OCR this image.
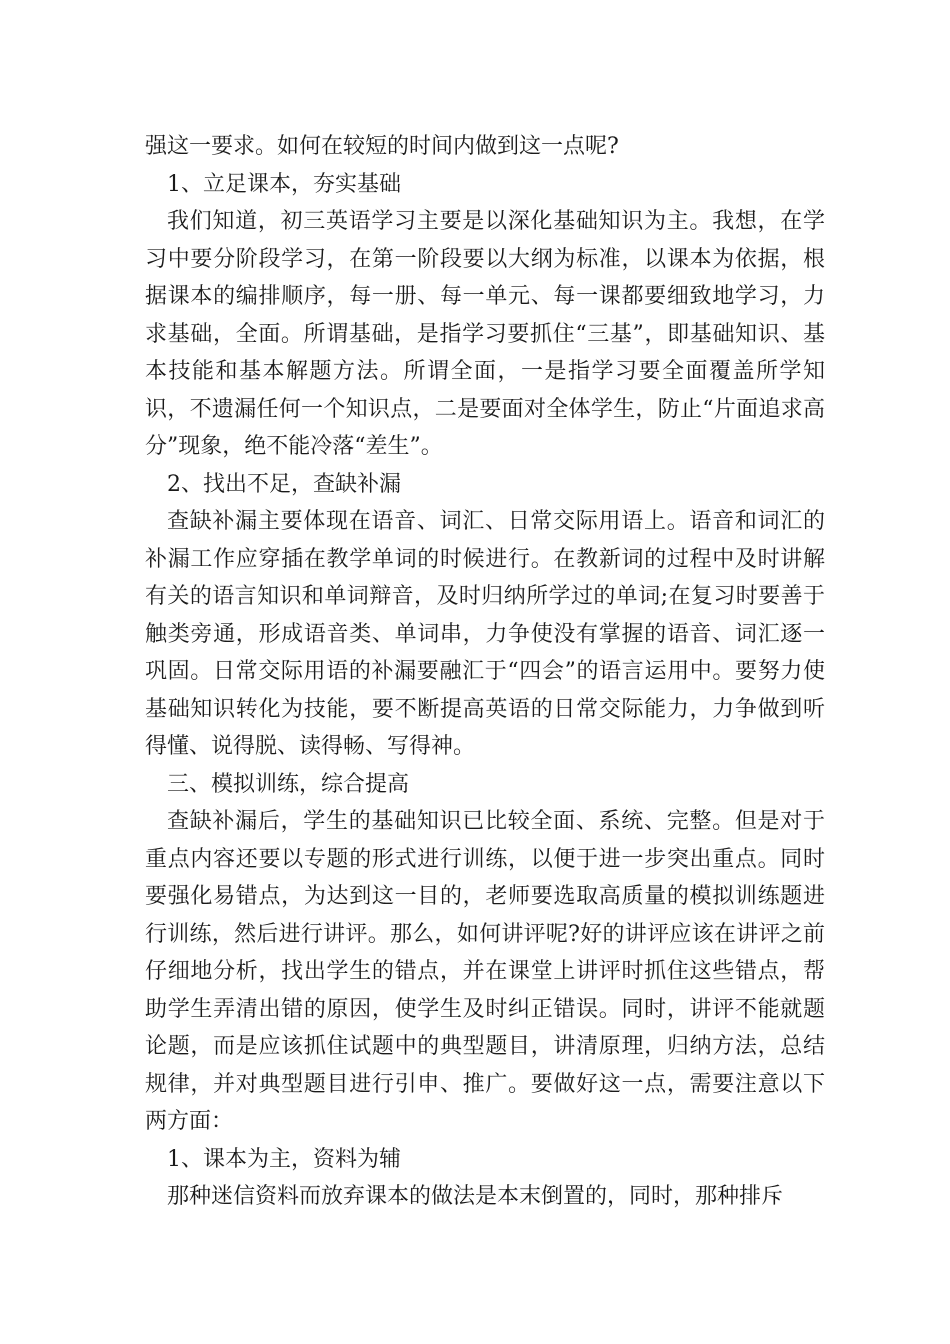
强这一要求。如何在较短的时间内做到这一点呢?

1、立足课本，夯实基础

我们知道，初三英语学习主要是以深化基础知识为主。我想，在学习中要分阶段学习，在第一阶段要以大纲为标准，以课本为依据，根据课本的编排顺序，每一册、每一单元、每一课都要细致地学习，力求基础，全面。所谓基础，是指学习要抓住“三基”，即基础知识、基本技能和基本解题方法。所谓全面，一是指学习要全面覆盖所学知识，不遗漏任何一个知识点，二是要面对全体学生，防止“片面追求高分”现象，绝不能冷落“差生”。

2、找出不足，查缺补漏

查缺补漏主要体现在语音、词汇、日常交际用语上。语音和词汇的补漏工作应穿插在教学单词的时候进行。在教新词的过程中及时讲解有关的语言知识和单词辩音，及时归纳所学过的单词;在复习时要善于触类旁通，形成语音类、单词串，力争使没有掌握的语音、词汇逐一巩固。日常交际用语的补漏要融汇于“四会”的语言运用中。要努力使基础知识转化为技能，要不断提高英语的日常交际能力，力争做到听得懂、说得脱、读得畅、写得神。

三、模拟训练，综合提高

查缺补漏后，学生的基础知识已比较全面、系统、完整。但是对于重点内容还要以专题的形式进行训练，以便于进一步突出重点。同时要强化易错点，为达到这一目的，老师要选取高质量的模拟训练题进行训练，然后进行讲评。那么，如何讲评呢?好的讲评应该在讲评之前仔细地分析，找出学生的错点，并在课堂上讲评时抓住这些错点，帮助学生弄清出错的原因，使学生及时纠正错误。同时，讲评不能就题论题，而是应该抓住试题中的典型题目，讲清原理，归纳方法，总结规律，并对典型题目进行引申、推广。要做好这一点，需要注意以下两方面：

1、课本为主，资料为辅

那种迷信资料而放弃课本的做法是本末倒置的，同时，那种排斥
